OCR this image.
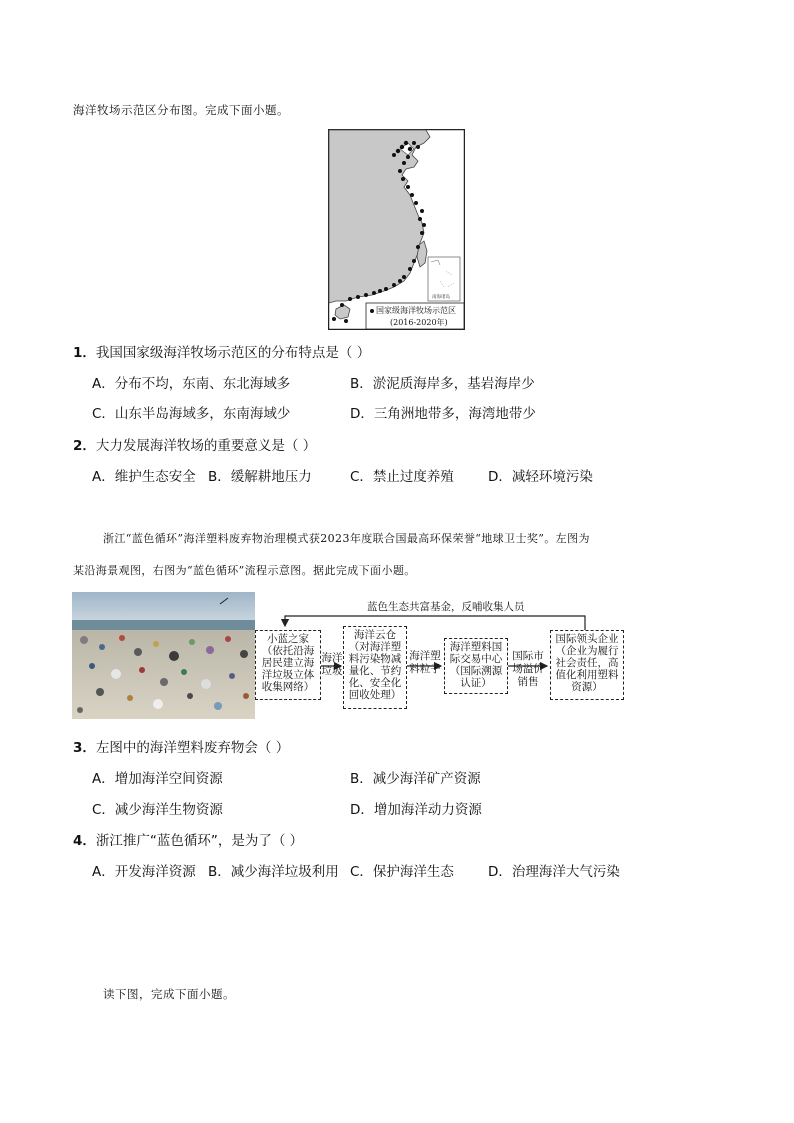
海洋牧场示范区分布图。完成下面小题。
国家级海洋牧场示范区
(2016-2020年)
南海诸岛
1．我国国家级海洋牧场示范区的分布特点是（ ）
A．分布不均，东南、东北海域多	B．淤泥质海岸多，基岩海岸少
C．山东半岛海域多，东南海域少	D．三角洲地带多，海湾地带少
2．大力发展海洋牧场的重要意义是（ ）
A．维护生态安全 B．缓解耕地压力	C．禁止过度养殖	D．减轻环境污染
浙江“蓝色循环”海洋塑料废弃物治理模式获2023年度联合国最高环保荣誉“地球卫士奖”。左图为
某沿海景观图，右图为“蓝色循环”流程示意图。据此完成下面小题。
蓝色生态共富基金，反哺收集人员
小蓝之家（依托沿海居民建立海洋垃圾立体收集网络）
海洋垃圾
海洋云仓（对海洋塑料污染物减量化、节约化、安全化回收处理）
海洋塑料粒子
海洋塑料国际交易中心（国际溯源认证）
国际市场溢价销售
国际领头企业（企业为履行社会责任，高值化利用塑料资源）
3．左图中的海洋塑料废弃物会（ ）
A．增加海洋空间资源	B．减少海洋矿产资源
C．减少海洋生物资源	D．增加海洋动力资源
4．浙江推广“蓝色循环”，是为了（ ）
A．开发海洋资源 B．减少海洋垃圾利用 C．保护海洋生态	D．治理海洋大气污染
读下图，完成下面小题。
